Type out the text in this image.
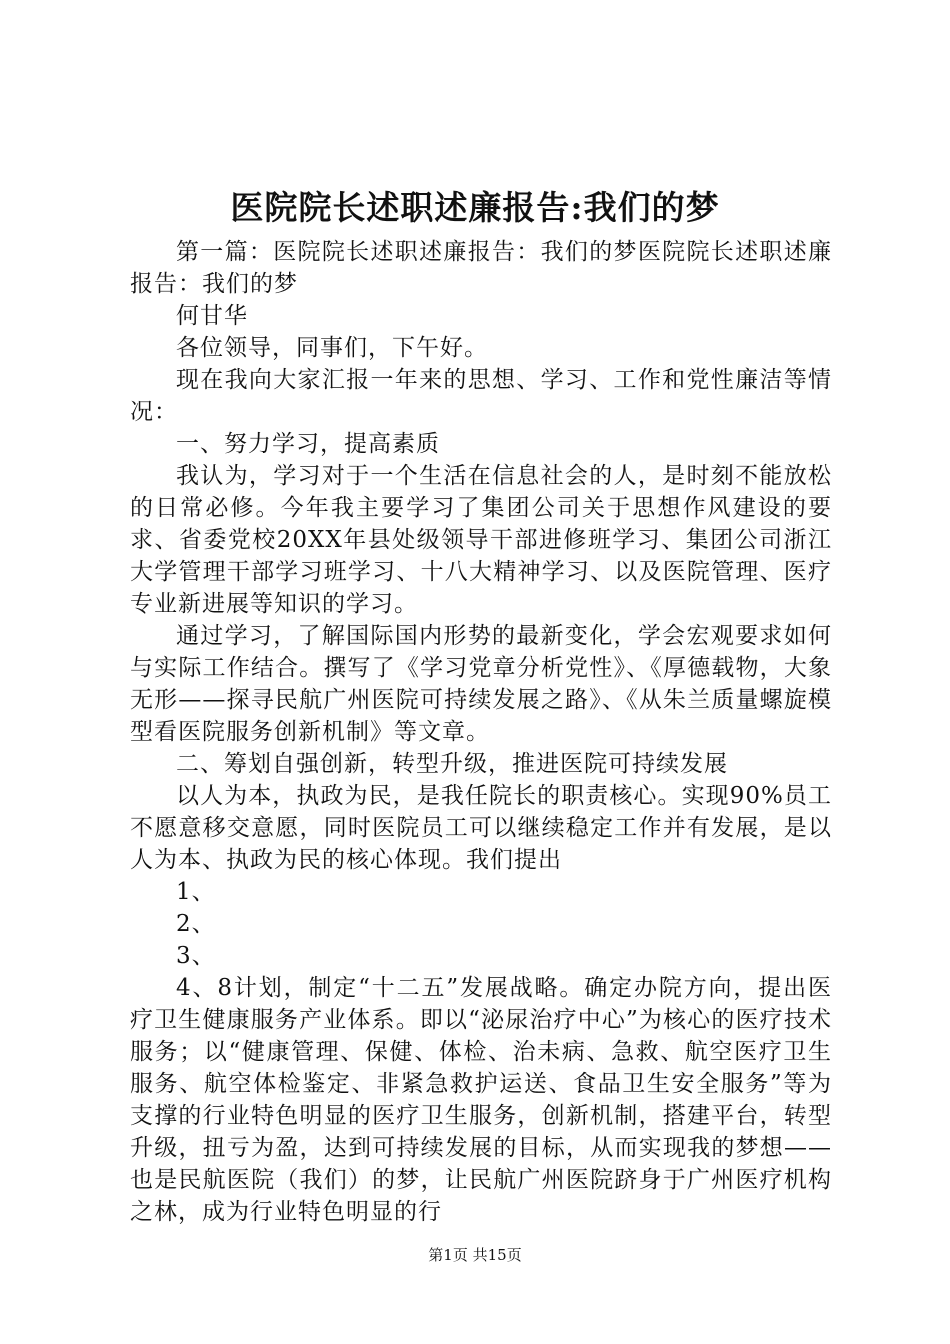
医院院长述职述廉报告:我们的梦

第一篇：医院院长述职述廉报告：我们的梦医院院长述职述廉报告：我们的梦

何甘华

各位领导，同事们，下午好。

现在我向大家汇报一年来的思想、学习、工作和党性廉洁等情况：

一、努力学习，提高素质

我认为，学习对于一个生活在信息社会的人，是时刻不能放松的日常必修。今年我主要学习了集团公司关于思想作风建设的要求、省委党校20XX年县处级领导干部进修班学习、集团公司浙江大学管理干部学习班学习、十八大精神学习、以及医院管理、医疗专业新进展等知识的学习。

通过学习，了解国际国内形势的最新变化，学会宏观要求如何与实际工作结合。撰写了《学习党章分析党性》、《厚德载物，大象无形——探寻民航广州医院可持续发展之路》、《从朱兰质量螺旋模型看医院服务创新机制》等文章。

二、筹划自强创新，转型升级，推进医院可持续发展

以人为本，执政为民，是我任院长的职责核心。实现90%员工不愿意移交意愿，同时医院员工可以继续稳定工作并有发展，是以人为本、执政为民的核心体现。我们提出

1、

2、

3、

4、8计划，制定“十二五”发展战略。确定办院方向，提出医疗卫生健康服务产业体系。即以“泌尿治疗中心”为核心的医疗技术服务；以“健康管理、保健、体检、治未病、急救、航空医疗卫生服务、航空体检鉴定、非紧急救护运送、食品卫生安全服务”等为支撑的行业特色明显的医疗卫生服务，创新机制，搭建平台，转型升级，扭亏为盈，达到可持续发展的目标，从而实现我的梦想——也是民航医院（我们）的梦，让民航广州医院跻身于广州医疗机构之林，成为行业特色明显的行

第1页 共15页
